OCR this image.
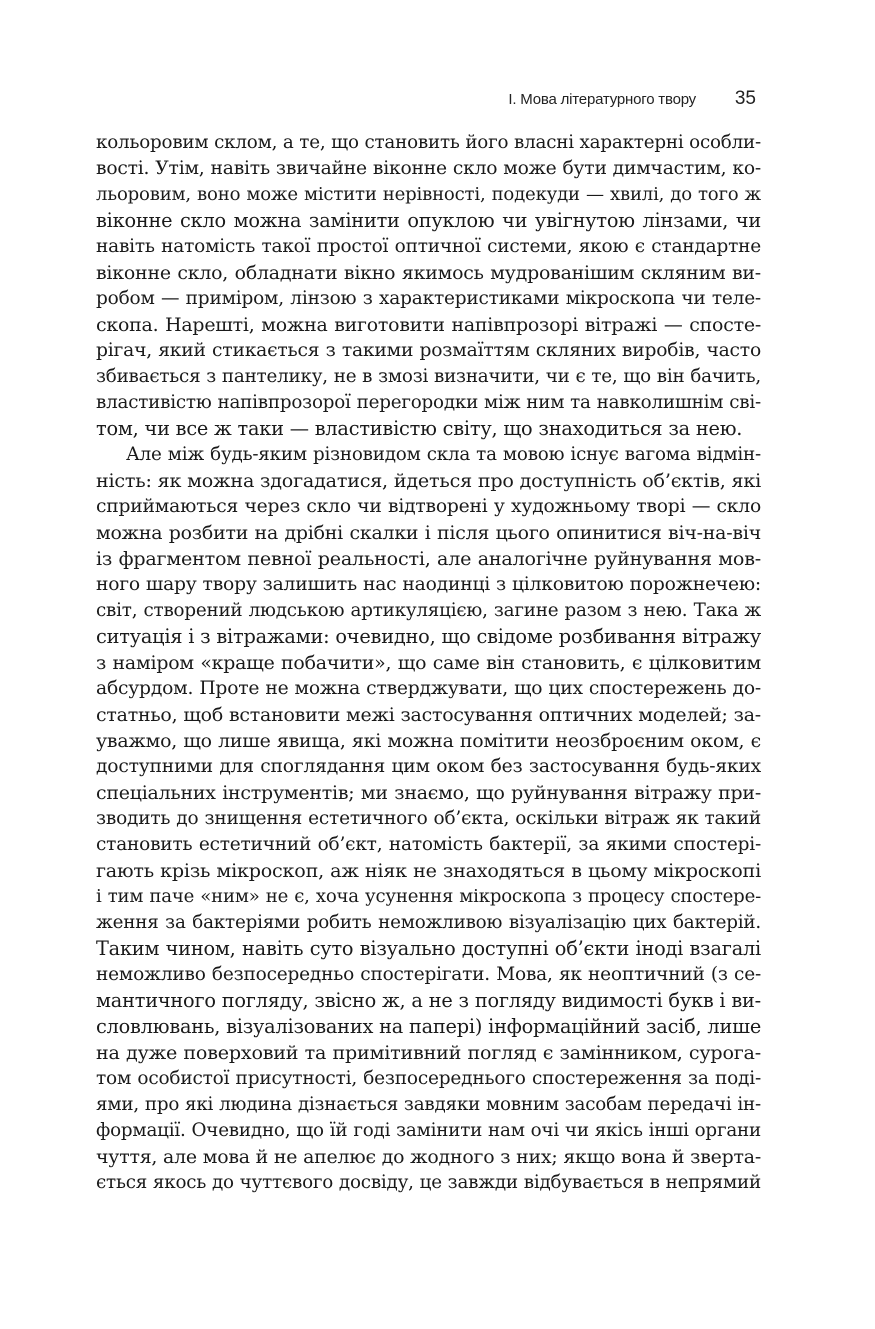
I. Мова літературного твору 35
кольоровим склом, а те, що становить його власні характерні особли-
вості. Утім, навіть звичайне віконне скло може бути димчастим, ко-
льоровим, воно може містити нерівності, подекуди — хвилі, до того ж
віконне скло можна замінити опуклою чи увігнутою лінзами, чи
навіть натомість такої простої оптичної системи, якою є стандартне
віконне скло, обладнати вікно якимось мудрованішим скляним ви-
робом — приміром, лінзою з характеристиками мікроскопа чи теле-
скопа. Нарешті, можна виготовити напівпрозорі вітражі — спосте-
рігач, який стикається з такими розмаїттям скляних виробів, часто
збивається з пантелику, не в змозі визначити, чи є те, що він бачить,
властивістю напівпрозорої перегородки між ним та навколишнім сві-
том, чи все ж таки — властивістю світу, що знаходиться за нею.
Але між будь-яким різновидом скла та мовою існує вагома відмін-
ність: як можна здогадатися, йдеться про доступність об’єктів, які
сприймаються через скло чи відтворені у художньому творі — скло
можна розбити на дрібні скалки і після цього опинитися віч-на-віч
із фрагментом певної реальності, але аналогічне руйнування мов-
ного шару твору залишить нас наодинці з цілковитою порожнечею:
світ, створений людською артикуляцією, загине разом з нею. Така ж
ситуація і з вітражами: очевидно, що свідоме розбивання вітражу
з наміром «краще побачити», що саме він становить, є цілковитим
абсурдом. Проте не можна стверджувати, що цих спостережень до-
статньо, щоб встановити межі застосування оптичних моделей; за-
уважмо, що лише явища, які можна помітити неозброєним оком, є
доступними для споглядання цим оком без застосування будь-яких
спеціальних інструментів; ми знаємо, що руйнування вітражу при-
зводить до знищення естетичного об’єкта, оскільки вітраж як такий
становить естетичний об’єкт, натомість бактерії, за якими спостері-
гають крізь мікроскоп, аж ніяк не знаходяться в цьому мікроскопі
і тим паче «ним» не є, хоча усунення мікроскопа з процесу спостере-
ження за бактеріями робить неможливою візуалізацію цих бактерій.
Таким чином, навіть суто візуально доступні об’єкти іноді взагалі
неможливо безпосередньо спостерігати. Мова, як неоптичний (з се-
мантичного погляду, звісно ж, а не з погляду видимості букв і ви-
словлювань, візуалізованих на папері) інформаційний засіб, лише
на дуже поверховий та примітивний погляд є замінником, сурога-
том особистої присутності, безпосереднього спостереження за поді-
ями, про які людина дізнається завдяки мовним засобам передачі ін-
формації. Очевидно, що їй годі замінити нам очі чи якісь інші органи
чуття, але мова й не апелює до жодного з них; якщо вона й зверта-
ється якось до чуттєвого досвіду, це завжди відбувається в непрямий
